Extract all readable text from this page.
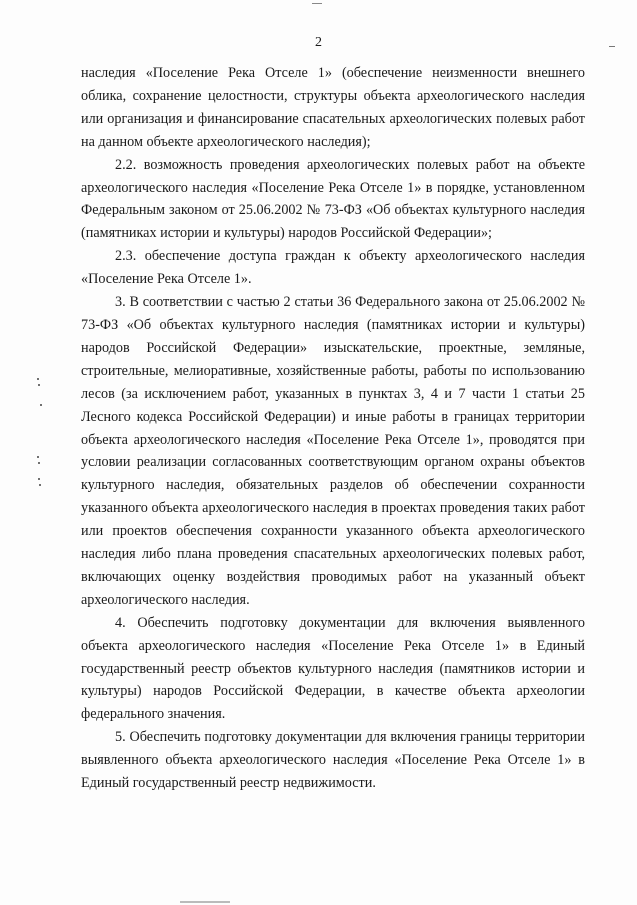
2

наследия «Поселение Река Отселе 1» (обеспечение неизменности внешнего облика, сохранение целостности, структуры объекта археологического наследия или организация и финансирование спасательных археологических полевых работ на данном объекте археологического наследия);

2.2. возможность проведения археологических полевых работ на объекте археологического наследия «Поселение Река Отселе 1» в порядке, установленном Федеральным законом от 25.06.2002 № 73-ФЗ «Об объектах культурного наследия (памятниках истории и культуры) народов Российской Федерации»;

2.3. обеспечение доступа граждан к объекту археологического наследия «Поселение Река Отселе 1».

3. В соответствии с частью 2 статьи 36 Федерального закона от 25.06.2002 № 73-ФЗ «Об объектах культурного наследия (памятниках истории и культуры) народов Российской Федерации» изыскательские, проектные, земляные, строительные, мелиоративные, хозяйственные работы, работы по использованию лесов (за исключением работ, указанных в пунктах 3, 4 и 7 части 1 статьи 25 Лесного кодекса Российской Федерации) и иные работы в границах территории объекта археологического наследия «Поселение Река Отселе 1», проводятся при условии реализации согласованных соответствующим органом охраны объектов культурного наследия, обязательных разделов об обеспечении сохранности указанного объекта археологического наследия в проектах проведения таких работ или проектов обеспечения сохранности указанного объекта археологического наследия либо плана проведения спасательных археологических полевых работ, включающих оценку воздействия проводимых работ на указанный объект археологического наследия.

4. Обеспечить подготовку документации для включения выявленного объекта археологического наследия «Поселение Река Отселе 1» в Единый государственный реестр объектов культурного наследия (памятников истории и культуры) народов Российской Федерации, в качестве объекта археологии федерального значения.

5. Обеспечить подготовку документации для включения границы территории выявленного объекта археологического наследия «Поселение Река Отселе 1» в Единый государственный реестр недвижимости.
